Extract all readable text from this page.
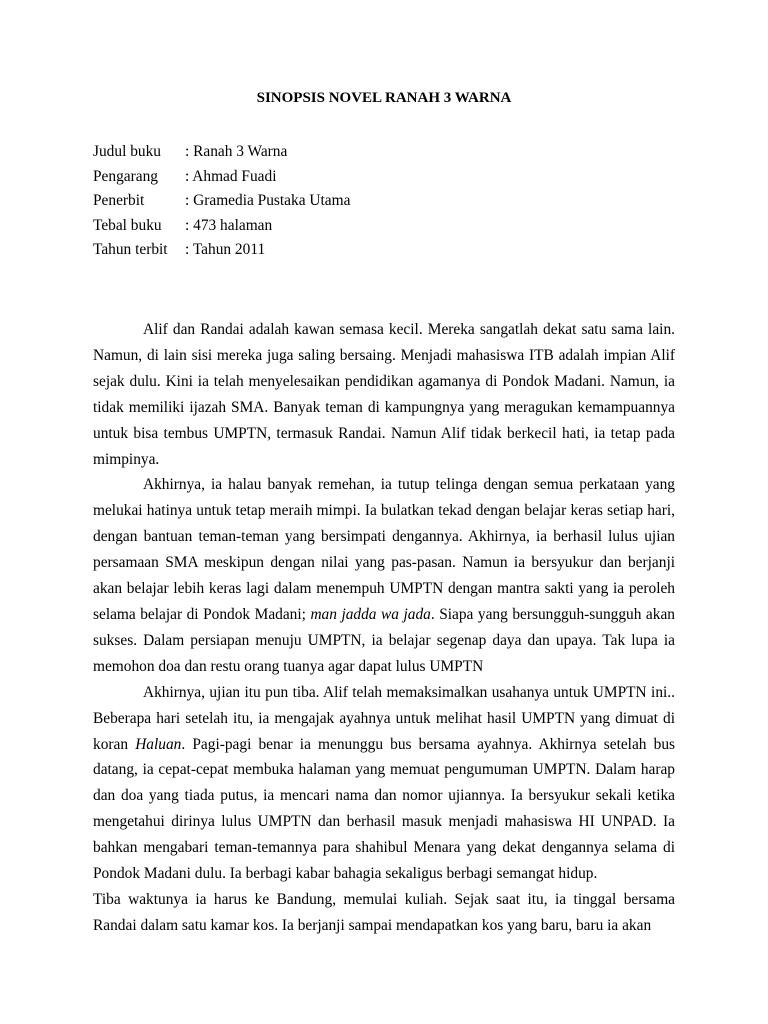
SINOPSIS NOVEL RANAH 3 WARNA
Judul buku : Ranah 3 Warna
Pengarang : Ahmad Fuadi
Penerbit	: Gramedia Pustaka Utama
Tebal buku : 473 halaman
Tahun terbit : Tahun 2011

Alif dan Randai adalah kawan semasa kecil. Mereka sangatlah dekat satu sama lain. Namun, di lain sisi mereka juga saling bersaing. Menjadi mahasiswa ITB adalah impian Alif sejak dulu. Kini ia telah menyelesaikan pendidikan agamanya di Pondok Madani. Namun, ia tidak memiliki ijazah SMA. Banyak teman di kampungnya yang meragukan kemampuannya untuk bisa tembus UMPTN, termasuk Randai. Namun Alif tidak berkecil hati, ia tetap pada mimpinya.

Akhirnya, ia halau banyak remehan, ia tutup telinga dengan semua perkataan yang melukai hatinya untuk tetap meraih mimpi. Ia bulatkan tekad dengan belajar keras setiap hari, dengan bantuan teman-teman yang bersimpati dengannya. Akhirnya, ia berhasil lulus ujian persamaan SMA meskipun dengan nilai yang pas-pasan. Namun ia bersyukur dan berjanji akan belajar lebih keras lagi dalam menempuh UMPTN dengan mantra sakti yang ia peroleh selama belajar di Pondok Madani; man jadda wa jada. Siapa yang bersungguh-sungguh akan sukses. Dalam persiapan menuju UMPTN, ia belajar segenap daya dan upaya. Tak lupa ia memohon doa dan restu orang tuanya agar dapat lulus UMPTN

Akhirnya, ujian itu pun tiba. Alif telah memaksimalkan usahanya untuk UMPTN ini.. Beberapa hari setelah itu, ia mengajak ayahnya untuk melihat hasil UMPTN yang dimuat di koran Haluan. Pagi-pagi benar ia menunggu bus bersama ayahnya. Akhirnya setelah bus datang, ia cepat-cepat membuka halaman yang memuat pengumuman UMPTN. Dalam harap dan doa yang tiada putus, ia mencari nama dan nomor ujiannya. Ia bersyukur sekali ketika mengetahui dirinya lulus UMPTN dan berhasil masuk menjadi mahasiswa HI UNPAD. Ia bahkan mengabari teman-temannya para shahibul Menara yang dekat dengannya selama di Pondok Madani dulu. Ia berbagi kabar bahagia sekaligus berbagi semangat hidup.

Tiba waktunya ia harus ke Bandung, memulai kuliah. Sejak saat itu, ia tinggal bersama Randai dalam satu kamar kos. Ia berjanji sampai mendapatkan kos yang baru, baru ia akan
